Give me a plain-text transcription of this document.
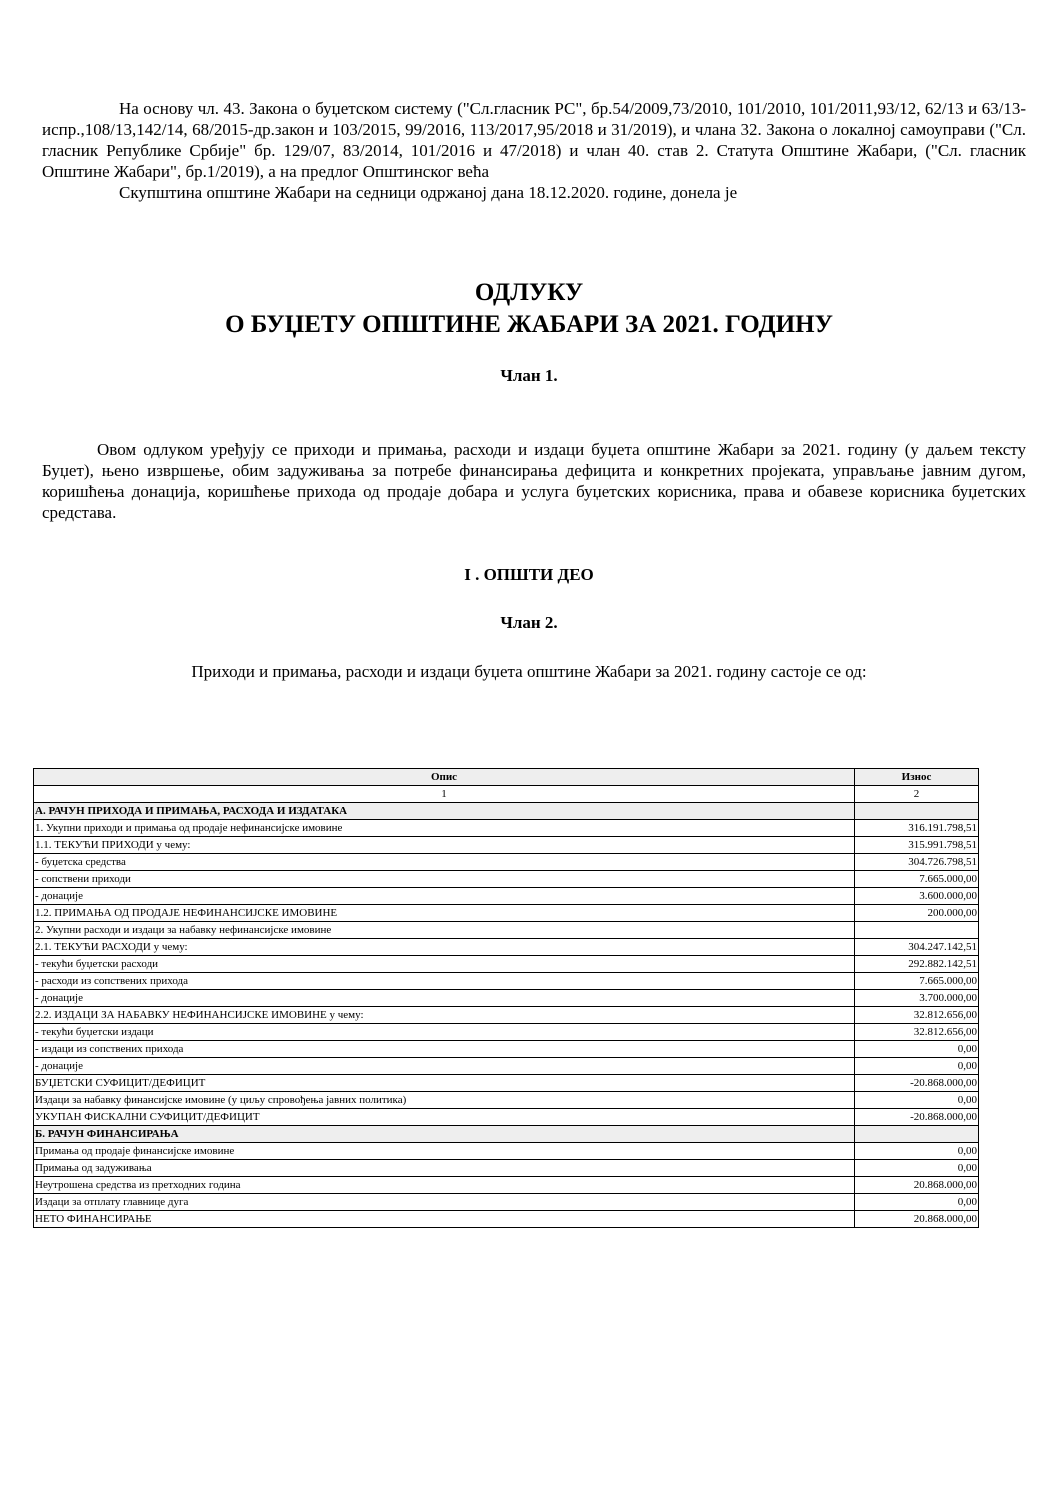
На основу чл. 43. Закона о буџетском систему ("Сл.гласник РС", бр.54/2009,73/2010, 101/2010, 101/2011,93/12, 62/13 и 63/13-испр.,108/13,142/14, 68/2015-др.закон и 103/2015, 99/2016, 113/2017,95/2018 и 31/2019), и члана 32. Закона о локалној самоуправи ("Сл. гласник Републике Србије" бр. 129/07, 83/2014, 101/2016 и 47/2018) и члан 40. став 2. Статута Општине Жабари, ("Сл. гласник Општине Жабари", бр.1/2019), а на предлог Општинског већа

Скупштина општине Жабари на седници одржаној дана 18.12.2020. године, донела је

ОДЛУКУ
О БУЏЕТУ ОПШТИНЕ ЖАБАРИ ЗА 2021. ГОДИНУ
Члан 1.

Овом одлуком уређују се приходи и примања, расходи и издаци буџета општине Жабари за 2021. годину (у даљем тексту Буџет), њено извршење, обим задуживања за потребе финансирања дефицита и конкретних пројеката, управљање јавним дугом, коришћења донација, коришћење прихода од продаје добара и услуга буџетских корисника, права и обавезе корисника буџетских средстава.

I . ОПШТИ ДЕО
Члан 2.

Приходи и примања, расходи и издаци буџета општине Жабари за 2021. годину састоје се од:

Опис	Износ
1	2
А. РАЧУН ПРИХОДА И ПРИМАЊА, РАСХОДА И ИЗДАТАКА	
1. Укупни приходи и примања од продаје нефинансијске имовине	316.191.798,51
1.1. ТЕКУЋИ ПРИХОДИ у чему:	315.991.798,51
- буџетска средства	304.726.798,51
- сопствени приходи	7.665.000,00
- донације	3.600.000,00
1.2. ПРИМАЊА ОД ПРОДАЈЕ НЕФИНАНСИЈСКЕ ИМОВИНЕ	200.000,00
2. Укупни расходи и издаци за набавку нефинансијске имовине	
2.1. ТЕКУЋИ РАСХОДИ у чему:	304.247.142,51
- текући буџетски расходи	292.882.142,51
- расходи из сопствених прихода	7.665.000,00
- донације	3.700.000,00
2.2. ИЗДАЦИ ЗА НАБАВКУ НЕФИНАНСИЈСКЕ ИМОВИНЕ у чему:	32.812.656,00
- текући буџетски издаци	32.812.656,00
- издаци из сопствених прихода	0,00
- донације	0,00
БУЏЕТСКИ СУФИЦИТ/ДЕФИЦИТ	-20.868.000,00
Издаци за набавку финансијске имовине (у циљу спровођења јавних политика)	0,00
УКУПАН ФИСКАЛНИ СУФИЦИТ/ДЕФИЦИТ	-20.868.000,00
Б. РАЧУН ФИНАНСИРАЊА	
Примања од продаје финансијске имовине	0,00
Примања од задуживања	0,00
Неутрошена средства из претходних година	20.868.000,00
Издаци за отплату главнице дуга	0,00
НЕТО ФИНАНСИРАЊЕ	20.868.000,00
